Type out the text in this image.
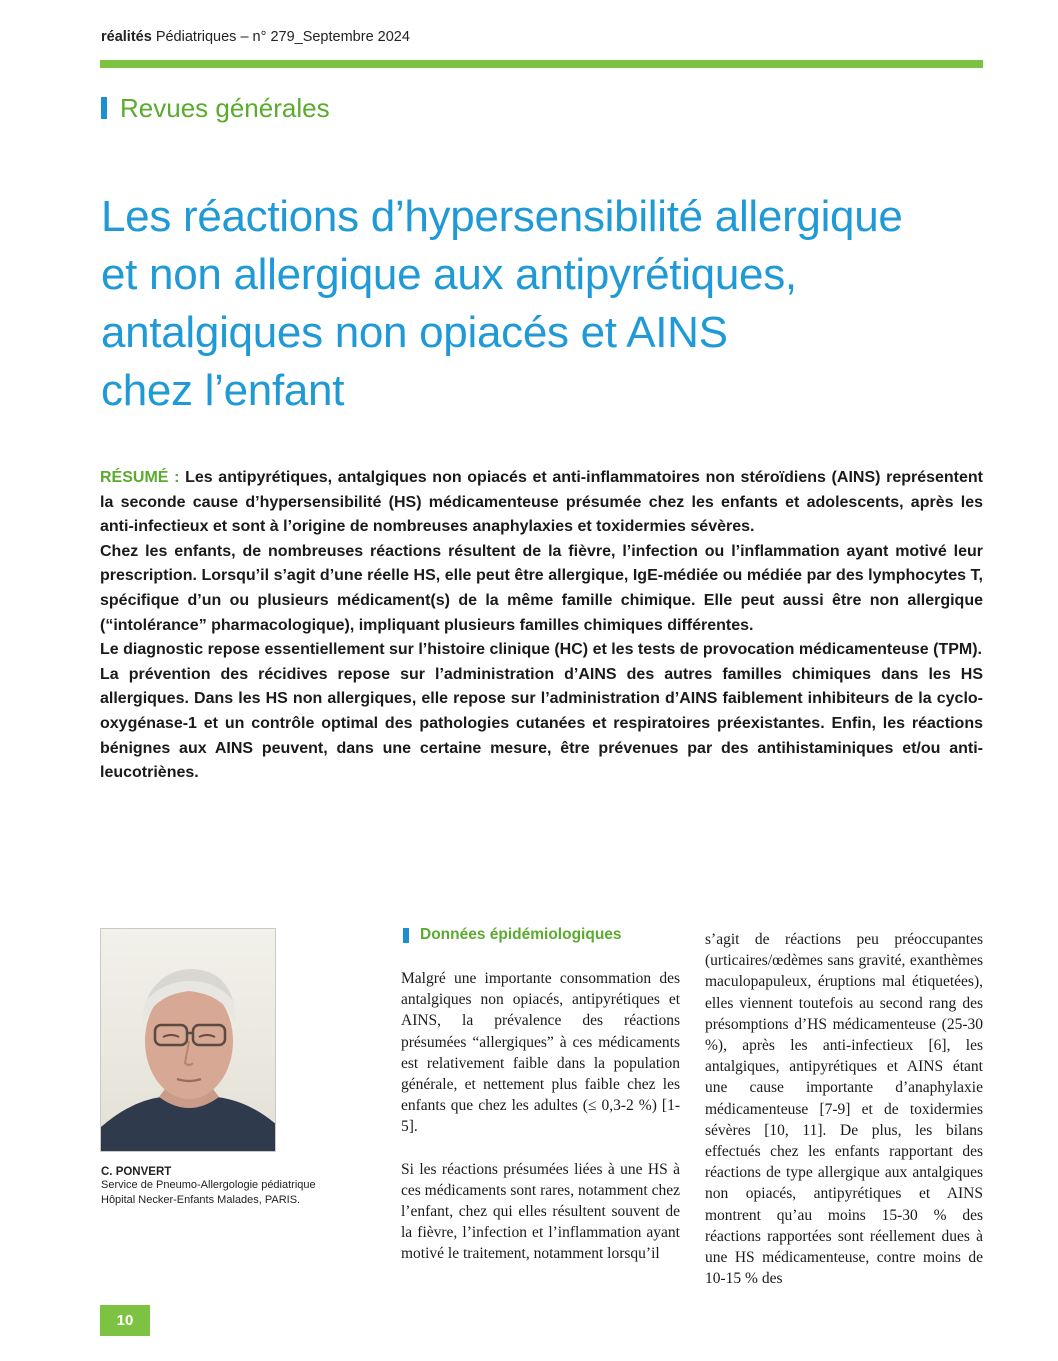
réalités Pédiatriques – n° 279_Septembre 2024
Revues générales
Les réactions d’hypersensibilité allergique
et non allergique aux antipyrétiques,
antalgiques non opiacés et AINS
chez l’enfant

RÉSUMÉ : Les antipyrétiques, antalgiques non opiacés et anti-inflammatoires non stéroïdiens (AINS) représentent la seconde cause d’hypersensibilité (HS) médicamenteuse présumée chez les enfants et adolescents, après les anti-infectieux et sont à l’origine de nombreuses anaphylaxies et toxidermies sévères.

Chez les enfants, de nombreuses réactions résultent de la fièvre, l’infection ou l’inflammation ayant motivé leur prescription. Lorsqu’il s’agit d’une réelle HS, elle peut être allergique, IgE-médiée ou médiée par des lymphocytes T, spécifique d’un ou plusieurs médicament(s) de la même famille chimique. Elle peut aussi être non allergique (“intolérance” pharmacologique), impliquant plusieurs familles chimiques différentes.

Le diagnostic repose essentiellement sur l’histoire clinique (HC) et les tests de provocation médicamenteuse (TPM).

La prévention des récidives repose sur l’administration d’AINS des autres familles chimiques dans les HS allergiques. Dans les HS non allergiques, elle repose sur l’administration d’AINS faiblement inhibiteurs de la cyclo-oxygénase-1 et un contrôle optimal des pathologies cutanées et respiratoires préexistantes. Enfin, les réactions bénignes aux AINS peuvent, dans une certaine mesure, être prévenues par des antihistaminiques et/ou anti-leucotriènes.

C. PONVERT
Service de Pneumo-Allergologie pédiatrique
Hôpital Necker-Enfants Malades, PARIS.
Données épidémiologiques

Malgré une importante consommation des antalgiques non opiacés, antipyrétiques et AINS, la prévalence des réactions présumées “allergiques” à ces médicaments est relativement faible dans la population générale, et nettement plus faible chez les enfants que chez les adultes (≤ 0,3-2 %) [1-5].

Si les réactions présumées liées à une HS à ces médicaments sont rares, notamment chez l’enfant, chez qui elles résultent souvent de la fièvre, l’infection et l’inflammation ayant motivé le traitement, notamment lorsqu’il

s’agit de réactions peu préoccupantes (urticaires/œdèmes sans gravité, exanthèmes maculopapuleux, éruptions mal étiquetées), elles viennent toutefois au second rang des présomptions d’HS médicamenteuse (25-30 %), après les anti-infectieux [6], les antalgiques, antipyrétiques et AINS étant une cause importante d’anaphylaxie médicamenteuse [7-9] et de toxidermies sévères [10, 11]. De plus, les bilans effectués chez les enfants rapportant des réactions de type allergique aux antalgiques non opiacés, antipyrétiques et AINS montrent qu’au moins 15-30 % des réactions rapportées sont réellement dues à une HS médicamenteuse, contre moins de 10-15 % des

10
